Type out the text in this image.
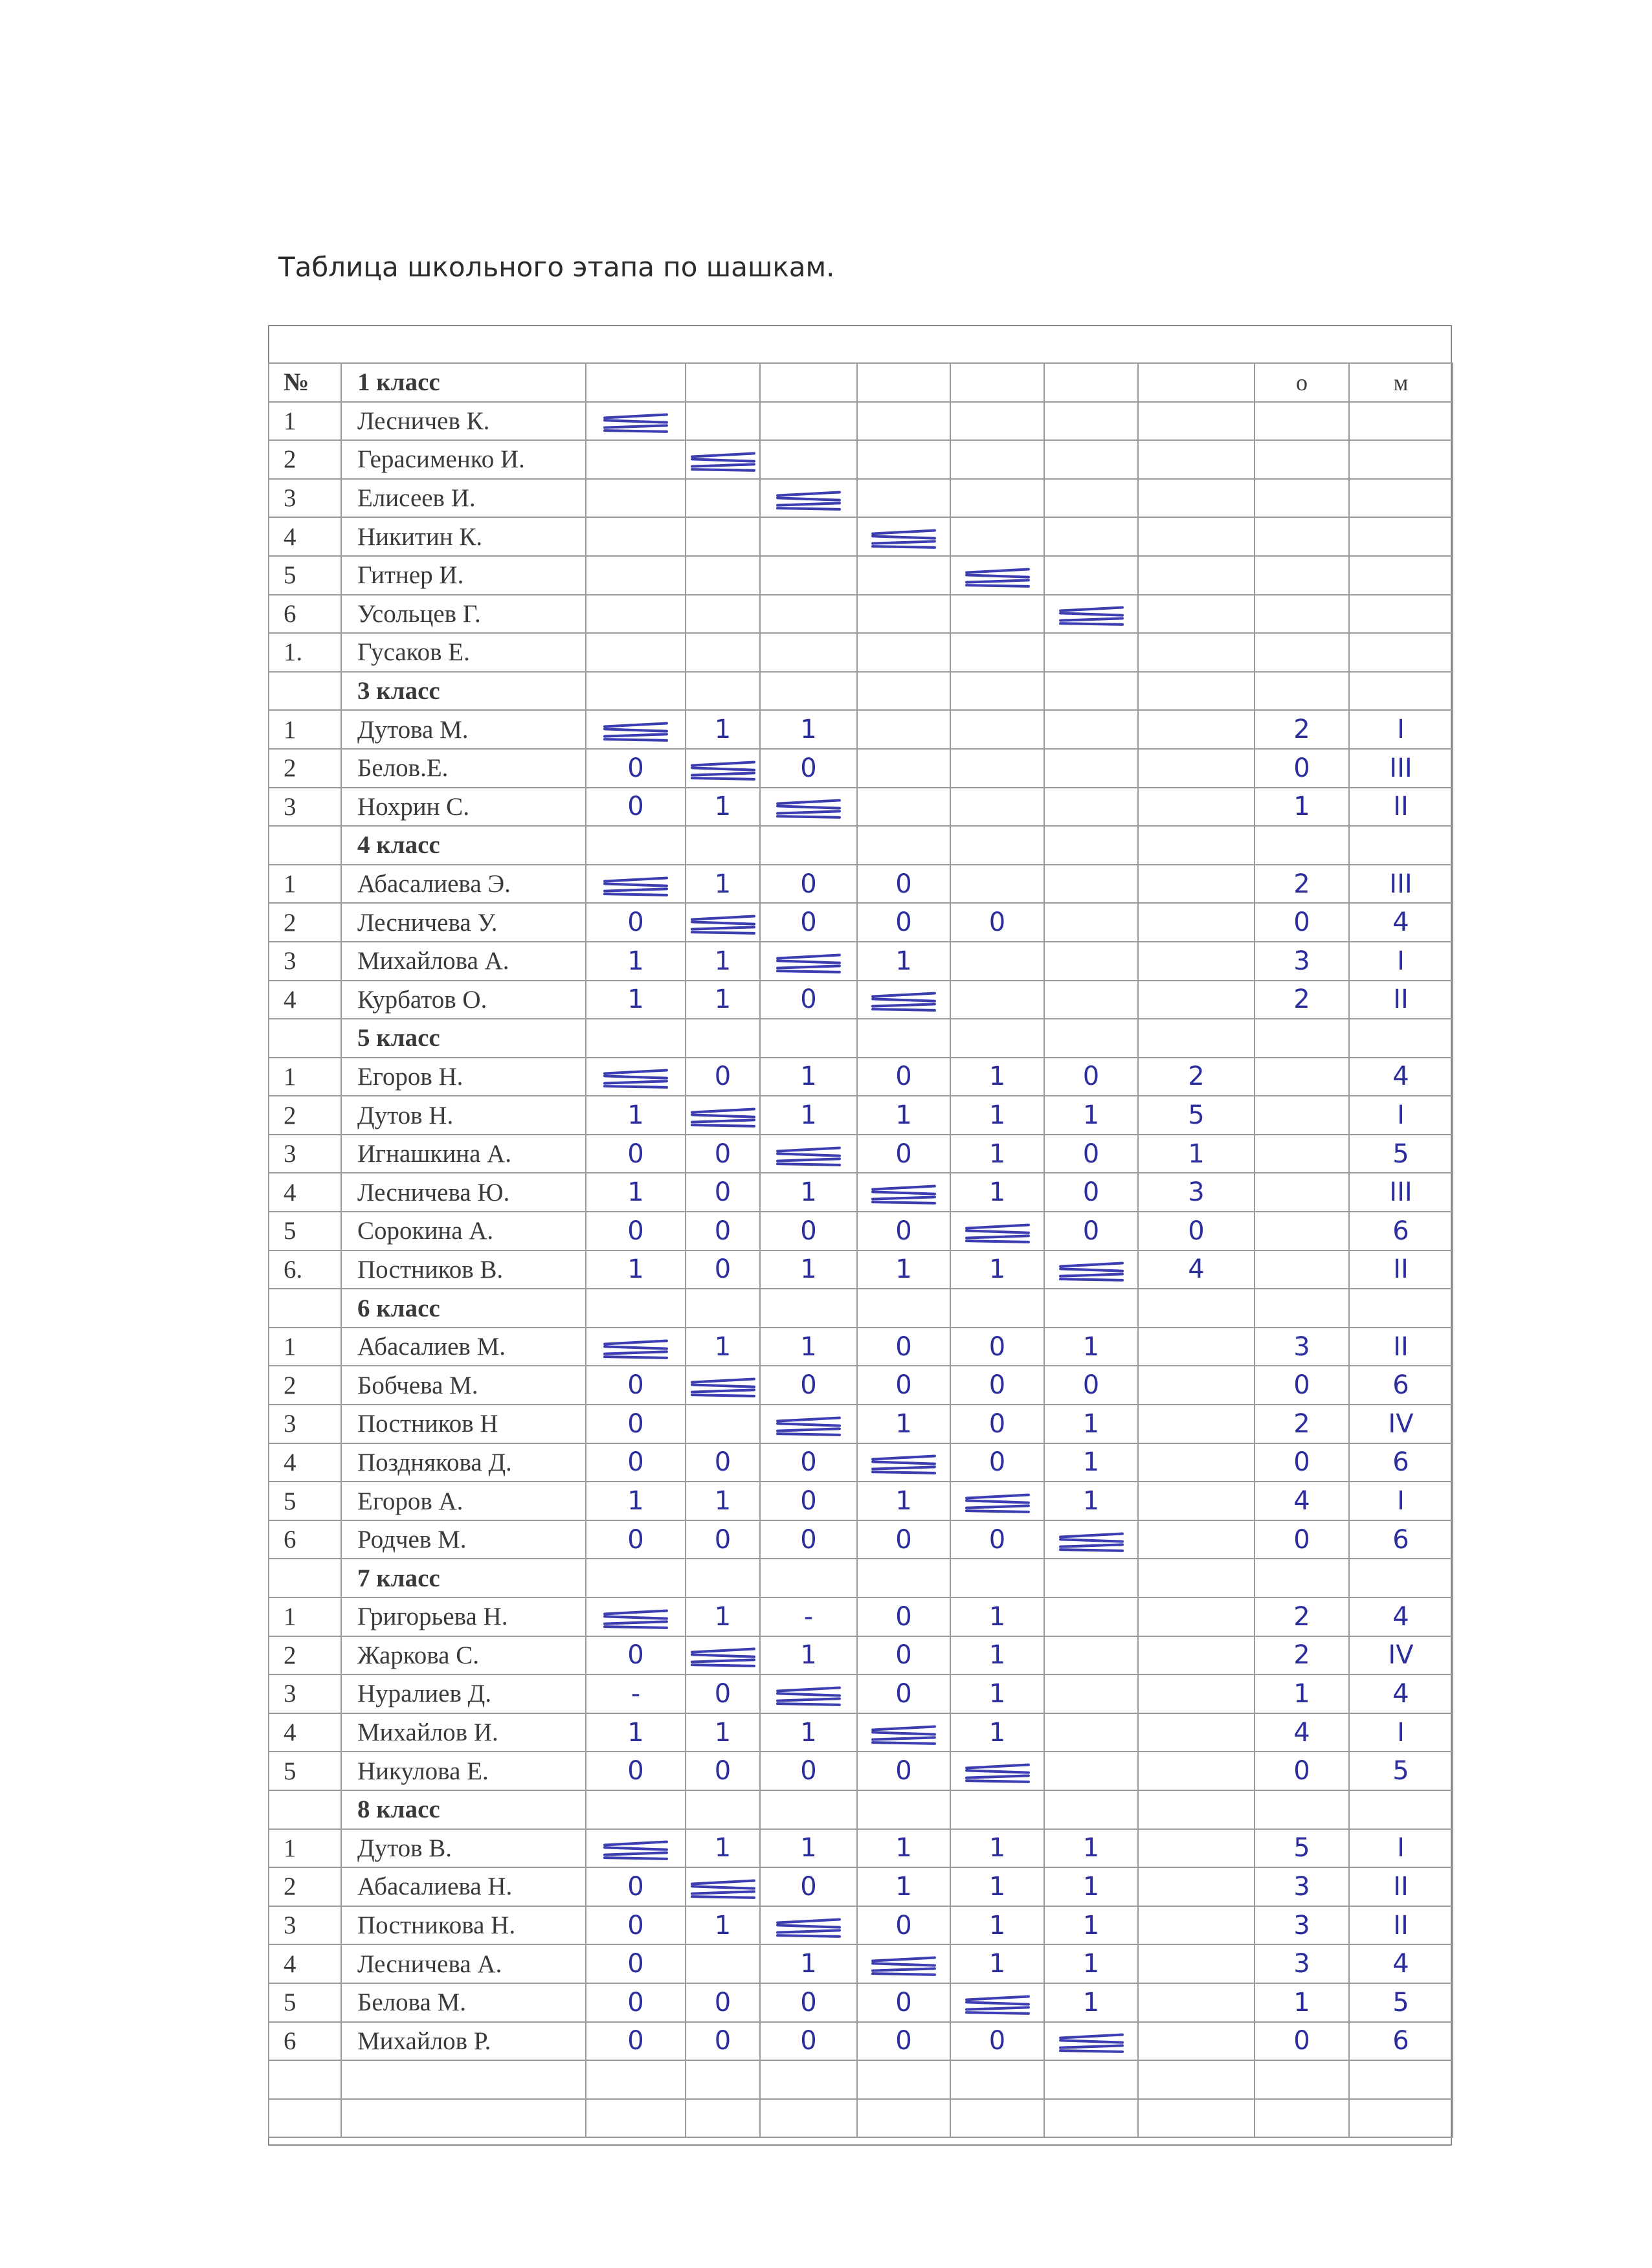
Таблица школьного этапа по шашкам.
№	1 класс								о	м
1	Лесничев К.	

2	Герасименко И.		

3	Елисеев И.			

4	Никитин К.				

5	Гитнер И.					

6	Усольцев Г.						

1.	Гусаков Е.									
	3 класс									
1	Дутова М.		1	1					2	I
2	Белов.Е.	0		0					0	III
3	Нохрин С.	0	1						1	II
	4 класс									
1	Абасалиева Э.		1	0	0				2	III
2	Лесничева У.	0		0	0	0			0	4
3	Михайлова А.	1	1		1				3	I
4	Курбатов О.	1	1	0					2	II
	5 класс									
1	Егоров Н.		0	1	0	1	0	2		4
2	Дутов Н.	1		1	1	1	1	5		I
3	Игнашкина А.	0	0		0	1	0	1		5
4	Лесничева Ю.	1	0	1		1	0	3		III
5	Сорокина А.	0	0	0	0		0	0		6
6.	Постников В.	1	0	1	1	1		4		II
	6 класс									
1	Абасалиев М.		1	1	0	0	1		3	II
2	Бобчева М.	0		0	0	0	0		0	6
3	Постников Н	0			1	0	1		2	IV
4	Позднякова Д.	0	0	0		0	1		0	6
5	Егоров А.	1	1	0	1		1		4	I
6	Родчев М.	0	0	0	0	0			0	6
	7 класс									
1	Григорьева Н.		1	-	0	1			2	4
2	Жаркова С.	0		1	0	1			2	IV
3	Нуралиев Д.	-	0		0	1			1	4
4	Михайлов И.	1	1	1		1			4	I
5	Никулова Е.	0	0	0	0				0	5
	8 класс									
1	Дутов В.		1	1	1	1	1		5	I
2	Абасалиева Н.	0		0	1	1	1		3	II
3	Постникова Н.	0	1		0	1	1		3	II
4	Лесничева А.	0		1		1	1		3	4
5	Белова М.	0	0	0	0		1		1	5
6	Михайлов Р.	0	0	0	0	0			0	6
